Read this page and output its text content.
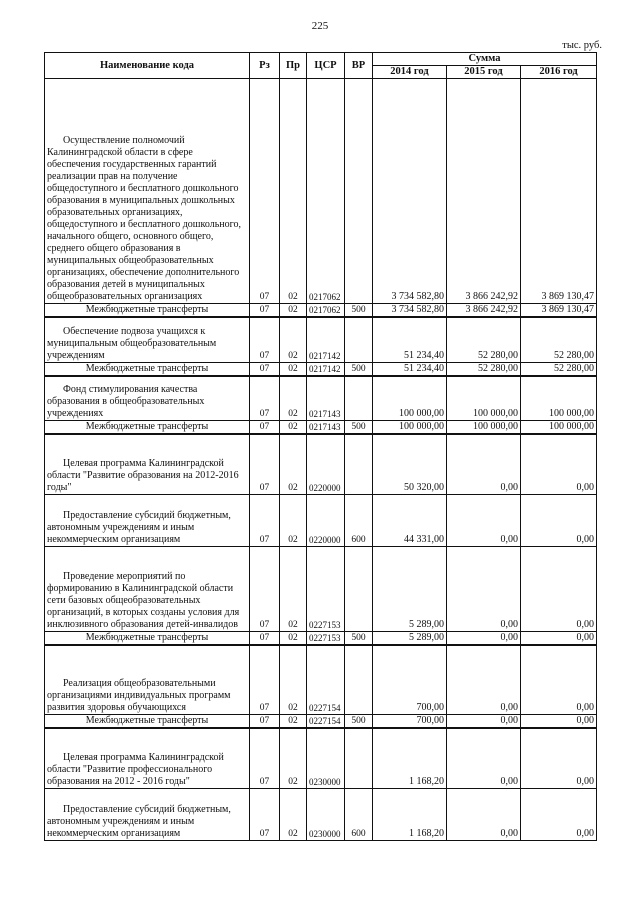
225
тыс. руб.
Наименование кода	Рз	Пр	ЦСР	ВР	Сумма		
					2014 год	2015 год	2016 год
Осуществление полномочий Калининградской области в сфере обеспечения государственных гарантий реализации прав на получение общедоступного и бесплатного дошкольного образования в муниципальных дошкольных образовательных организациях, общедоступного и бесплатного дошкольного, начального общего, основного общего, среднего общего образования в муниципальных общеобразовательных организациях, обеспечение дополнительного образования детей в муниципальных общеобразовательных организациях	07	02	0217062		3 734 582,80	3 866 242,92	3 869 130,47
Межбюджетные трансферты	07	02	0217062	500	3 734 582,80	3 866 242,92	3 869 130,47
Обеспечение подвоза учащихся к муниципальным общеобразовательным учреждениям	07	02	0217142		51 234,40	52 280,00	52 280,00
Межбюджетные трансферты	07	02	0217142	500	51 234,40	52 280,00	52 280,00
Фонд стимулирования качества образования в общеобразовательных учреждениях	07	02	0217143		100 000,00	100 000,00	100 000,00
Межбюджетные трансферты	07	02	0217143	500	100 000,00	100 000,00	100 000,00
Целевая программа Калининградской области "Развитие образования на 2012-2016 годы"	07	02	0220000		50 320,00	0,00	0,00
Предоставление субсидий бюджетным, автономным учреждениям и иным некоммерческим организациям	07	02	0220000	600	44 331,00	0,00	0,00
Проведение мероприятий по формированию в Калининградской области сети базовых общеобразовательных организаций, в которых созданы условия для инклюзивного образования детей-инвалидов	07	02	0227153		5 289,00	0,00	0,00
Межбюджетные трансферты	07	02	0227153	500	5 289,00	0,00	0,00
Реализация общеобразовательными организациями индивидуальных программ развития здоровья обучающихся	07	02	0227154		700,00	0,00	0,00
Межбюджетные трансферты	07	02	0227154	500	700,00	0,00	0,00
Целевая программа Калининградской области "Развитие профессионального образования на 2012 - 2016 годы"	07	02	0230000		1 168,20	0,00	0,00
Предоставление субсидий бюджетным, автономным учреждениям и иным некоммерческим организациям	07	02	0230000	600	1 168,20	0,00	0,00
